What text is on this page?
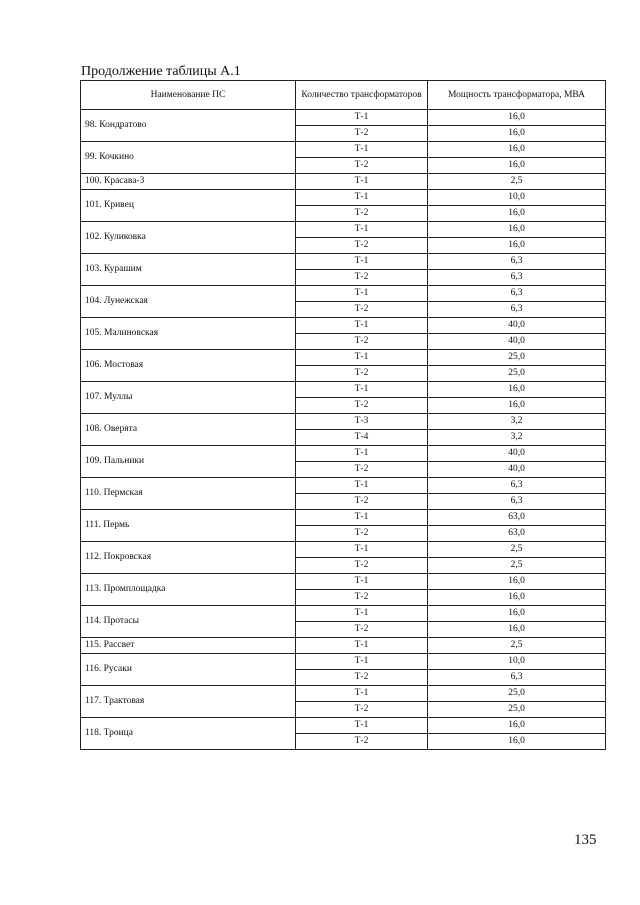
Продолжение таблицы А.1
Наименование ПС	Количество трансформаторов	Мощность трансформатора, МВА
98. Кондратово	Т-1	16,0
	Т-2	16,0
99. Кочкино	Т-1	16,0
	Т-2	16,0
100. Красава-3	Т-1	2,5
101. Кривец	Т-1	10,0
	Т-2	16,0
102. Куликовка	Т-1	16,0
	Т-2	16,0
103. Курашим	Т-1	6,3
	Т-2	6,3
104. Лунежская	Т-1	6,3
	Т-2	6,3
105. Малиновская	Т-1	40,0
	Т-2	40,0
106. Мостовая	Т-1	25,0
	Т-2	25,0
107. Муллы	Т-1	16,0
	Т-2	16,0
108. Оверята	Т-3	3,2
	Т-4	3,2
109. Пальники	Т-1	40,0
	Т-2	40,0
110. Пермская	Т-1	6,3
	Т-2	6,3
111. Пермь	Т-1	63,0
	Т-2	63,0
112. Покровская	Т-1	2,5
	Т-2	2,5
113. Промплощадка	Т-1	16,0
	Т-2	16,0
114. Протасы	Т-1	16,0
	Т-2	16,0
115. Рассвет	Т-1	2,5
116. Русаки	Т-1	10,0
	Т-2	6,3
117. Трактовая	Т-1	25,0
	Т-2	25,0
118. Троица	Т-1	16,0
	Т-2	16,0
135
